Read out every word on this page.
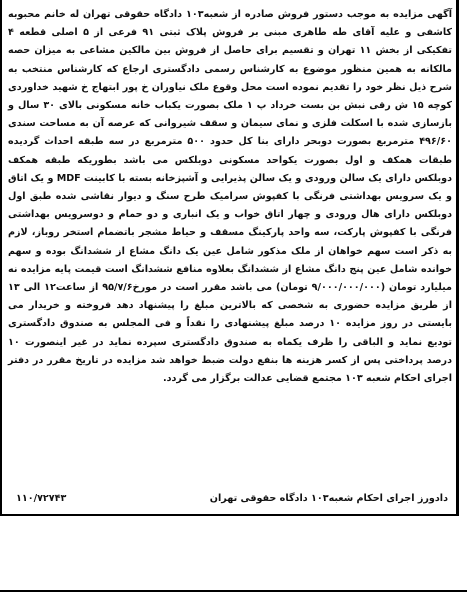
آگهی مزایده به موجب دستور فروش صادره از شعبه۱۰۳ دادگاه حقوقی تهران له خانم محبوبه کاشفی و علیه آقای طه طاهری مبنی بر فروش پلاک ثبتی ۹۱ فرعی از ۵ اصلی قطعه ۴ تفکیکی از بخش ۱۱ تهران و تقسیم برای حاصل از فروش بین مالکین مشاعی به میزان حصه مالکانه به همین منظور موضوع به کارشناس رسمی دادگستری ارجاع که کارشناس منتخب به شرح ذیل نظر خود را تقدیم نموده است محل وقوع ملک نیاوران خ پور ابتهاج خ شهید خداوردی کوچه ۱۵ ش رقی نبش بن بست خرداد پ ۱ ملک بصورت یکباب خانه مسکونی بالای ۳۰ سال و بازسازی شده با اسکلت فلزی و نمای سیمان و سقف شیروانی که عرصه آن به مساحت سندی ۴۹۶/۶۰ مترمربع بصورت دوبحر دارای بنا کل حدود ۵۰۰ مترمربع در سه طبقه احداث گردیده طبقات همکف و اول بصورت یکواحد مسکونی دوبلکس می باشد بطوریکه طبقه همکف دوبلکس دارای یک سالن ورودی و یک سالن پذیرایی و آشپزخانه بسته با کابینت MDF و یک اتاق و یک سرویس بهداشتی فرنگی با کفپوش سرامیک طرح سنگ و دیوار نقاشی شده طبق اول دوبلکس دارای هال ورودی و چهار اتاق خواب و یک انباری و دو حمام و دوسرویس بهداشتی فرنگی با کفپوش پارکت، سه واحد پارکینگ مسقف و حیاط مشجر باتضمام استخر روباز، لازم به ذکر است سهم خواهان از ملک مذکور شامل عین یک دانگ مشاع از ششدانگ بوده و سهم خوانده شامل عین پنج دانگ مشاع از ششدانگ بعلاوه منافع ششدانگ است قیمت پایه مزایده نه میلیارد تومان (۹/۰۰۰/۰۰۰/۰۰۰ تومان) می باشد مقرر است در مورخ۹۵/۷/۶ از ساعت۱۲ الی ۱۳ از طریق مزایده حضوری به شخصی که بالاترین مبلغ را پیشنهاد دهد فروخته و خریدار می بایستی در روز مزایده ۱۰ درصد مبلغ پیشنهادی را نقداً و فی المجلس به صندوق دادگستری تودیع نماید و الباقی را ظرف یکماه به صندوق دادگستری سپرده نماید در غیر اینصورت ۱۰ درصد پرداختی پس از کسر هزینه ها بنفع دولت ضبط خواهد شد مزایده در تاریخ مقرر در دفتر اجرای احکام شعبه ۱۰۳ مجتمع قضایی عدالت برگزار می گردد.
دادورز اجرای احکام شعبه۱۰۳ دادگاه حقوقی تهران
۱۱۰/۷۲۷۴۳
